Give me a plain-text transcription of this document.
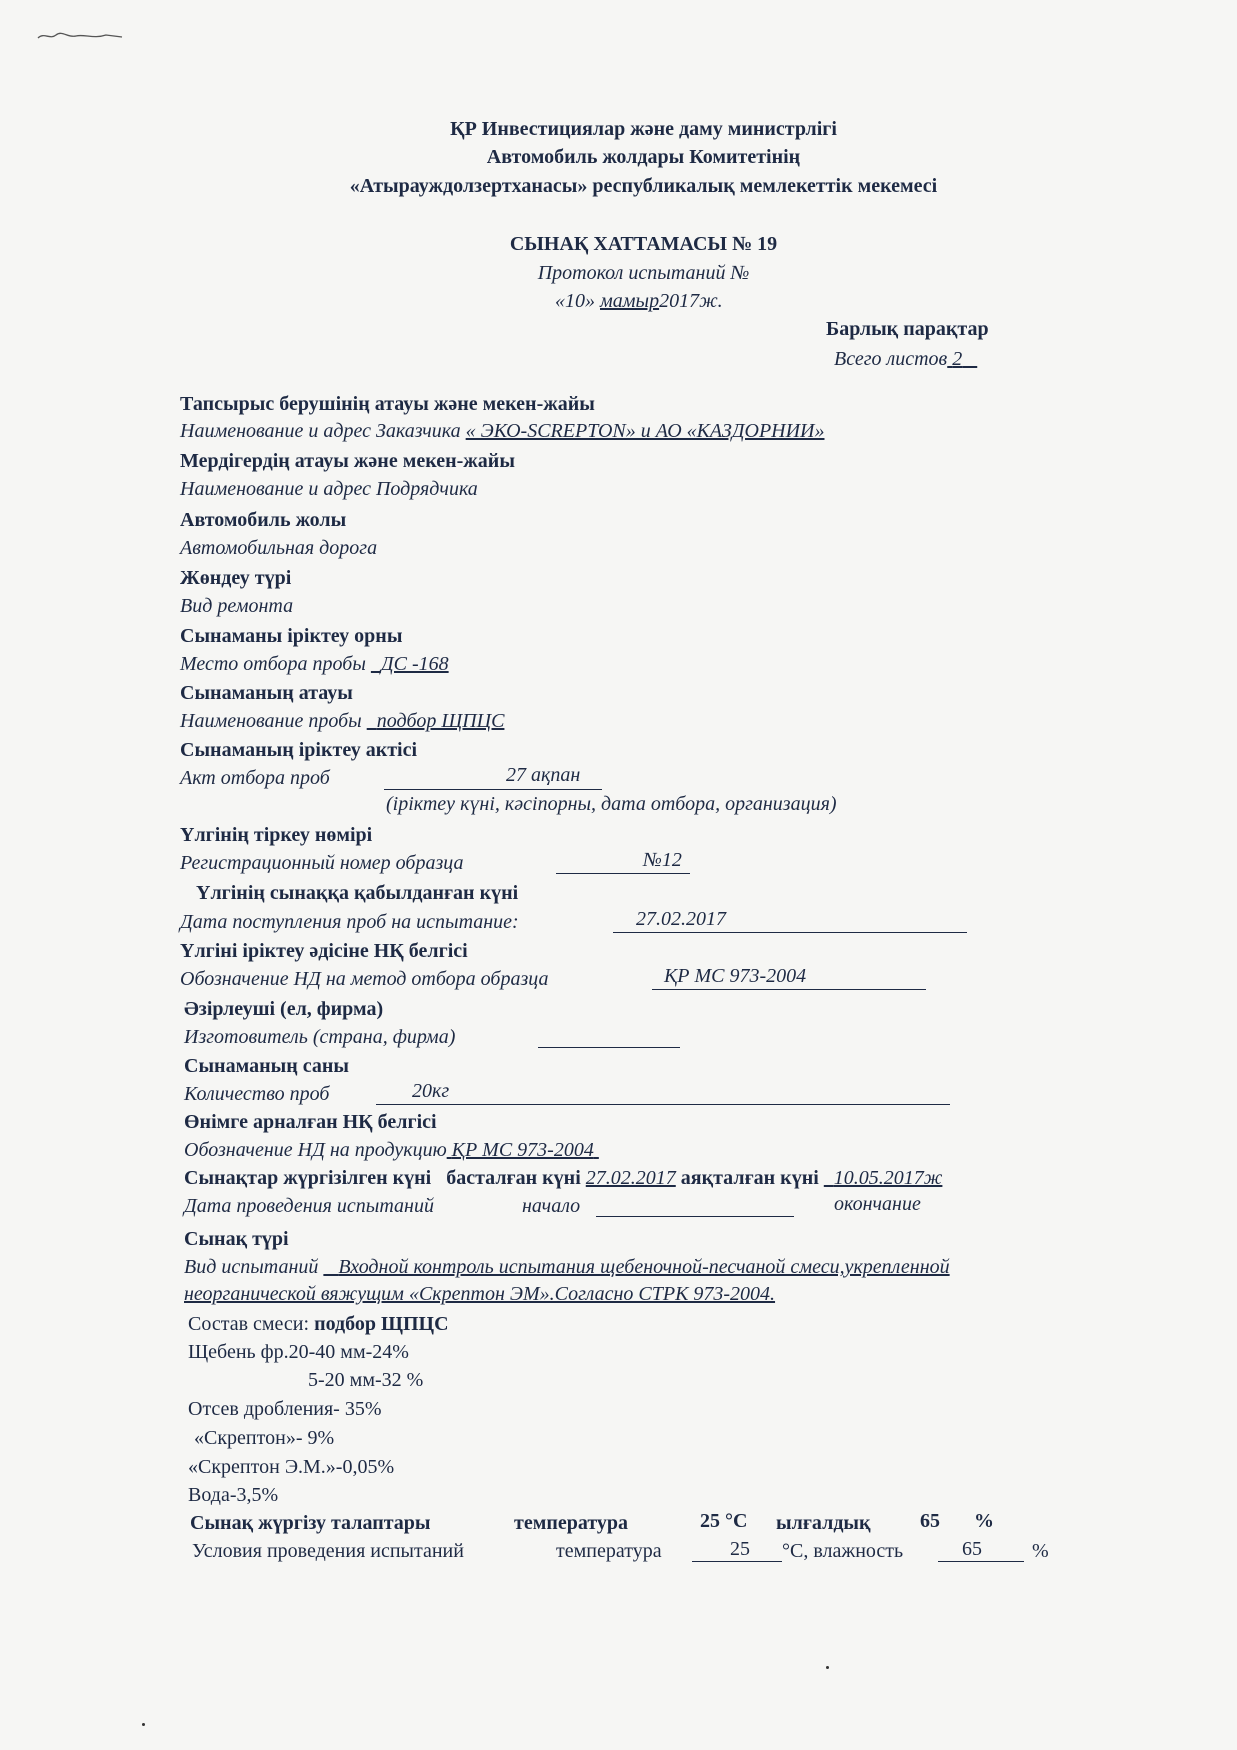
ҚР Инвестициялар және даму министрлігі
Автомобиль жолдары Комитетінің
«Атырауждолзертханасы» республикалық мемлекеттік мекемесі
СЫНАҚ ХАТТАМАСЫ № 19
Протокол испытаний №
«10» мамыр2017ж.
Барлық парақтар
Всего листов 2
Тапсырыс берушінің атауы және мекен-жайы
Наименование и адрес Заказчика « ЭКО-SCREPTON» и АО «КАЗДОРНИИ»
Мердігердің атауы және мекен-жайы
Наименование и адрес Подрядчика
Автомобиль жолы
Автомобильная дорога
Жөндеу түрі
Вид ремонта
Сынаманы іріктеу орны
Место отбора пробы ДС -168
Сынаманың атауы
Наименование пробы подбор ЩПЦС
Сынаманың іріктеу актісі
Акт отбора проб	27 ақпан
(іріктеу күні, кәсіпорны, дата отбора, организация)
Үлгінің тіркеу нөмірі
Регистрационный номер образца	№12
Үлгінің сынаққа қабылданған күні
Дата поступления проб на испытание:	27.02.2017
Үлгіні іріктеу әдісіне НҚ белгісі
Обозначение НД на метод отбора образца	ҚР МС 973-2004
Әзірлеуші (ел, фирма)
Изготовитель (страна, фирма)
Сынаманың саны
Количество проб	20кг
Өнімге арналған НҚ белгісі
Обозначение НД на продукцию ҚР МС 973-2004
Сынақтар жүргізілген күні басталған күні 27.02.2017 аяқталған күні 10.05.2017ж
Дата проведения испытаний	начало	окончание
Сынақ түрі
Вид испытаний Входной контроль испытания щебеночной-песчаной смеси,укрепленной
неорганической вяжущим «Скрептон ЭМ».Согласно СТРК 973-2004.
Состав смеси: подбор ЩПЦС
Щебень фр.20-40 мм-24%
5-20 мм-32 %
Отсев дробления- 35%
«Скрептон»- 9%
«Скрептон Э.М.»-0,05%
Вода-3,5%
Сынақ жүргізу талаптары	температура	25 °С ылғалдық 65 %
Условия проведения испытаний	температура	25 °С, влажность	65	%
